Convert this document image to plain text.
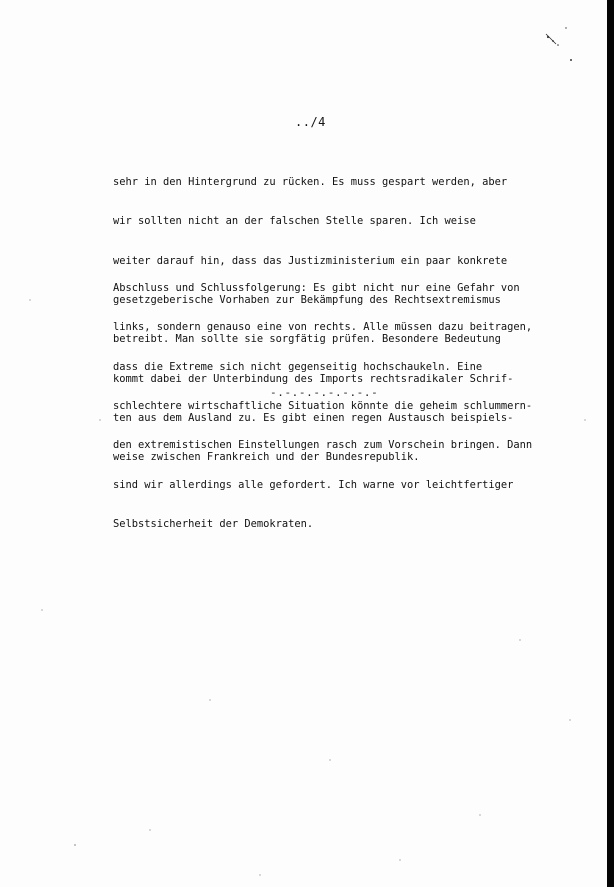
../4

sehr in den Hintergrund zu rücken. Es muss gespart werden, aber

wir sollten nicht an der falschen Stelle sparen. Ich weise

weiter darauf hin, dass das Justizministerium ein paar konkrete

gesetzgeberische Vorhaben zur Bekämpfung des Rechtsextremismus

betreibt. Man sollte sie sorgfätig prüfen. Besondere Bedeutung

kommt dabei der Unterbindung des Imports rechtsradikaler Schrif-

ten aus dem Ausland zu. Es gibt einen regen Austausch beispiels-

weise zwischen Frankreich und der Bundesrepublik.

Abschluss und Schlussfolgerung: Es gibt nicht nur eine Gefahr von

links, sondern genauso eine von rechts. Alle müssen dazu beitragen,

dass die Extreme sich nicht gegenseitig hochschaukeln. Eine

schlechtere wirtschaftliche Situation könnte die geheim schlummern-

den extremistischen Einstellungen rasch zum Vorschein bringen. Dann

sind wir allerdings alle gefordert. Ich warne vor leichtfertiger

Selbstsicherheit der Demokraten.

-.-.-.-.-.-.-.-
